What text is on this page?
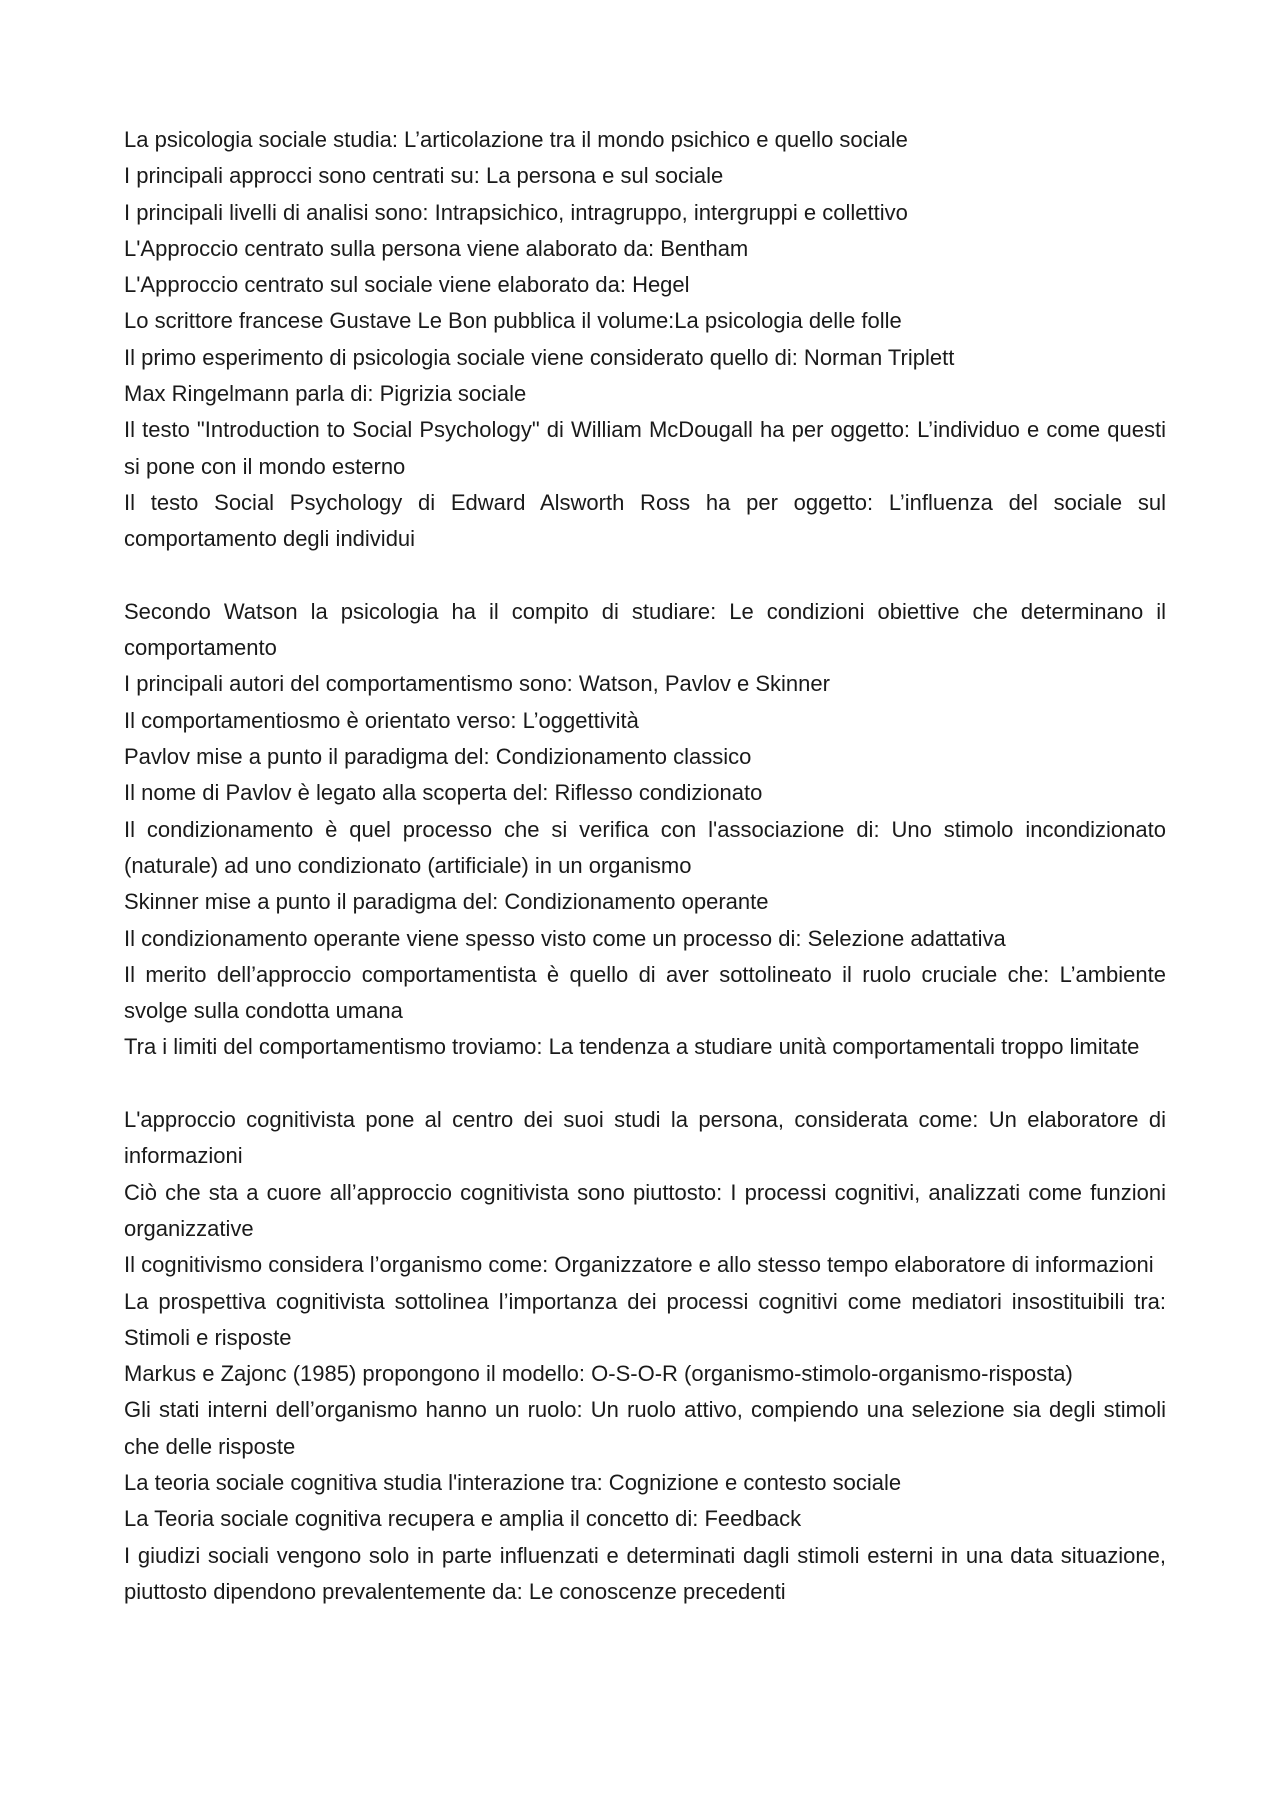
La psicologia sociale studia: L’articolazione tra il mondo psichico e quello sociale

I principali approcci sono centrati su: La persona e sul sociale

I principali livelli di analisi sono: Intrapsichico, intragruppo, intergruppi e collettivo

L'Approccio centrato sulla persona viene alaborato da: Bentham

L'Approccio centrato sul sociale viene elaborato da: Hegel

Lo scrittore francese Gustave Le Bon pubblica il volume:La psicologia delle folle

Il primo esperimento di psicologia sociale viene considerato quello di: Norman Triplett

Max Ringelmann parla di: Pigrizia sociale

Il testo "Introduction to Social Psychology" di William McDougall ha per oggetto: L’individuo e come questi si pone con il mondo esterno

Il testo Social Psychology di Edward Alsworth Ross ha per oggetto: L’influenza del sociale sul comportamento degli individui

Secondo Watson la psicologia ha il compito di studiare: Le condizioni obiettive che determinano il comportamento

I principali autori del comportamentismo sono: Watson, Pavlov e Skinner

Il comportamentiosmo è orientato verso: L’oggettività

Pavlov mise a punto il paradigma del: Condizionamento classico

Il nome di Pavlov è legato alla scoperta del: Riflesso condizionato

Il condizionamento è quel processo che si verifica con l'associazione di: Uno stimolo incondizionato (naturale) ad uno condizionato (artificiale) in un organismo

Skinner mise a punto il paradigma del: Condizionamento operante

Il condizionamento operante viene spesso visto come un processo di: Selezione adattativa

Il merito dell’approccio comportamentista è quello di aver sottolineato il ruolo cruciale che: L’ambiente svolge sulla condotta umana

Tra i limiti del comportamentismo troviamo: La tendenza a studiare unità comportamentali troppo limitate

L'approccio cognitivista pone al centro dei suoi studi la persona, considerata come: Un elaboratore di informazioni

Ciò che sta a cuore all’approccio cognitivista sono piuttosto: I processi cognitivi, analizzati come funzioni organizzative

Il cognitivismo considera l’organismo come: Organizzatore e allo stesso tempo elaboratore di informazioni

La prospettiva cognitivista sottolinea l’importanza dei processi cognitivi come mediatori insostituibili tra: Stimoli e risposte

Markus e Zajonc (1985) propongono il modello: O-S-O-R (organismo-stimolo-organismo-risposta)

Gli stati interni dell’organismo hanno un ruolo: Un ruolo attivo, compiendo una selezione sia degli stimoli che delle risposte

La teoria sociale cognitiva studia l'interazione tra: Cognizione e contesto sociale

La Teoria sociale cognitiva recupera e amplia il concetto di: Feedback

I giudizi sociali vengono solo in parte influenzati e determinati dagli stimoli esterni in una data situazione, piuttosto dipendono prevalentemente da: Le conoscenze precedenti
